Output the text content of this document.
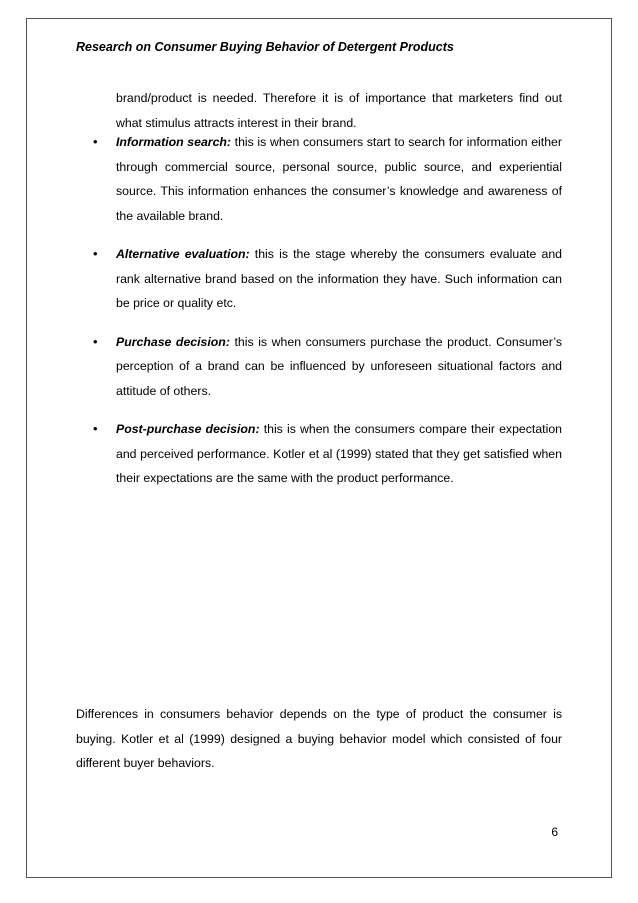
Research on Consumer Buying Behavior of Detergent Products

brand/product is needed. Therefore it is of importance that marketers find out what stimulus attracts interest in their brand.

• Information search: this is when consumers start to search for information either through commercial source, personal source, public source, and experiential source. This information enhances the consumer’s knowledge and awareness of the available brand.
• Alternative evaluation: this is the stage whereby the consumers evaluate and rank alternative brand based on the information they have. Such information can be price or quality etc.
• Purchase decision: this is when consumers purchase the product. Consumer’s perception of a brand can be influenced by unforeseen situational factors and attitude of others.
• Post-purchase decision: this is when the consumers compare their expectation and perceived performance. Kotler et al (1999) stated that they get satisfied when their expectations are the same with the product performance.

Differences in consumers behavior depends on the type of product the consumer is buying. Kotler et al (1999) designed a buying behavior model which consisted of four different buyer behaviors.

6
